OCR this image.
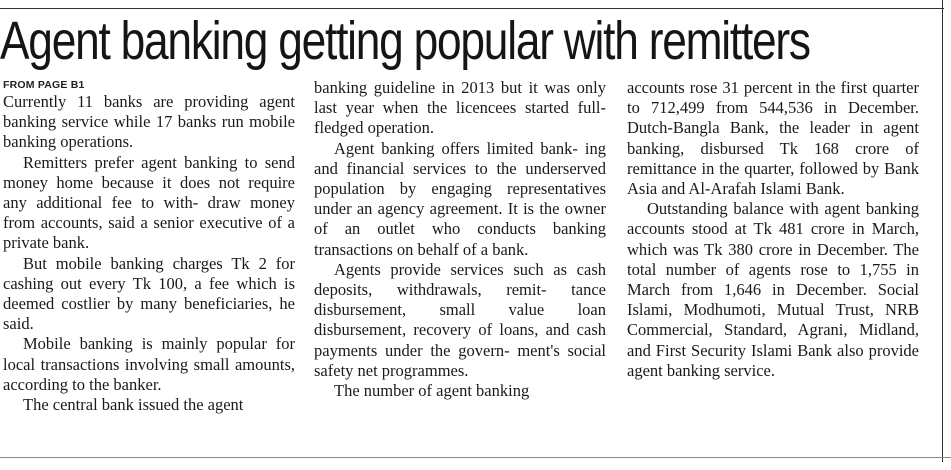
Agent banking getting popular with remitters
FROM PAGE B1

Currently 11 banks are providing agent banking service while 17 banks run mobile banking operations.

Remitters prefer agent banking to send money home because it does not require any additional fee to with- draw money from accounts, said a senior executive of a private bank.

But mobile banking charges Tk 2 for cashing out every Tk 100, a fee which is deemed costlier by many beneficiaries, he said.

Mobile banking is mainly popular for local transactions involving small amounts, according to the banker.

The central bank issued the agent

banking guideline in 2013 but it was only last year when the licencees started full-fledged operation.

Agent banking offers limited bank- ing and financial services to the underserved population by engaging representatives under an agency agreement. It is the owner of an outlet who conducts banking transactions on behalf of a bank.

Agents provide services such as cash deposits, withdrawals, remit- tance disbursement, small value loan disbursement, recovery of loans, and cash payments under the govern- ment's social safety net programmes.

The number of agent banking

accounts rose 31 percent in the first quarter to 712,499 from 544,536 in December. Dutch-Bangla Bank, the leader in agent banking, disbursed Tk 168 crore of remittance in the quarter, followed by Bank Asia and Al-Arafah Islami Bank.

Outstanding balance with agent banking accounts stood at Tk 481 crore in March, which was Tk 380 crore in December. The total number of agents rose to 1,755 in March from 1,646 in December. Social Islami, Modhumoti, Mutual Trust, NRB Commercial, Standard, Agrani, Midland, and First Security Islami Bank also provide agent banking service.
